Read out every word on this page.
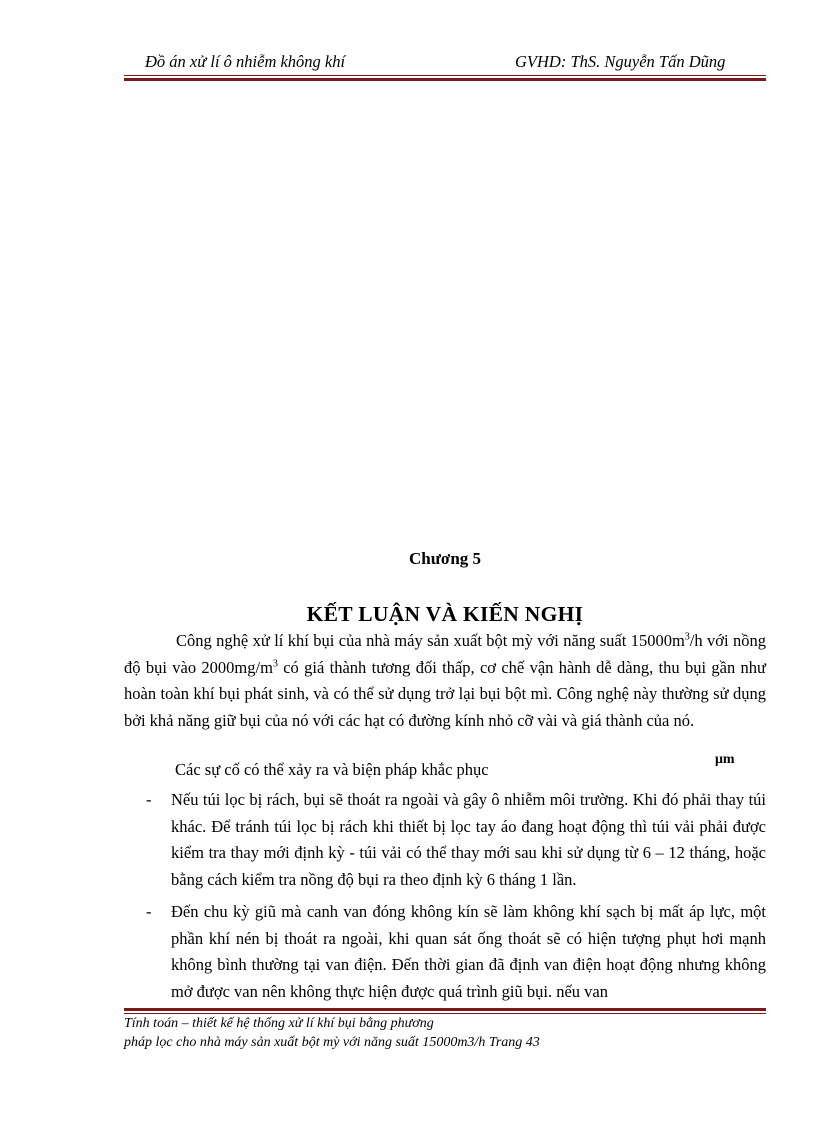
Đồ án xử lí ô nhiễm không khí	GVHD: ThS. Nguyễn Tấn Dũng
Chương 5
KẾT LUẬN VÀ KIẾN NGHỊ

Công nghệ xử lí khí bụi của nhà máy sản xuất bột mỳ với năng suất $15000m^3/h$ với nồng độ bụi vào $2000mg/m^3$ có giá thành tương đối thấp, cơ chế vận hành dễ dàng, thu bụi gần như hoàn toàn khí bụi phát sinh, và có thể sử dụng trở lại bụi bột mì. Công nghệ này thường sử dụng bởi khả năng giữ bụi của nó với các hạt có đường kính nhỏ cỡ vài và giá thành của nó.

Các sự cố có thể xảy ra và biện pháp khắc phục
μm
- Nếu túi lọc bị rách, bụi sẽ thoát ra ngoài và gây ô nhiễm môi trường. Khi đó phải thay túi khác. Để tránh túi lọc bị rách khi thiết bị lọc tay áo đang hoạt động thì túi vải phải được kiểm tra thay mới định kỳ - túi vải có thể thay mới sau khi sử dụng từ 6 – 12 tháng, hoặc bằng cách kiểm tra nồng độ bụi ra theo định kỳ 6 tháng 1 lần.
- Đến chu kỳ giũ mà canh van đóng không kín sẽ làm không khí sạch bị mất áp lực, một phần khí nén bị thoát ra ngoài, khi quan sát ống thoát sẽ có hiện tượng phụt hơi mạnh không bình thường tại van điện. Đến thời gian đã định van điện hoạt động nhưng không mở được van nên không thực hiện được quá trình giũ bụi. nếu van
Tính toán – thiết kế hệ thống xử lí khí bụi bằng phương
pháp lọc cho nhà máy sản xuất bột mỳ với năng suất 15000m3/h Trang 43
